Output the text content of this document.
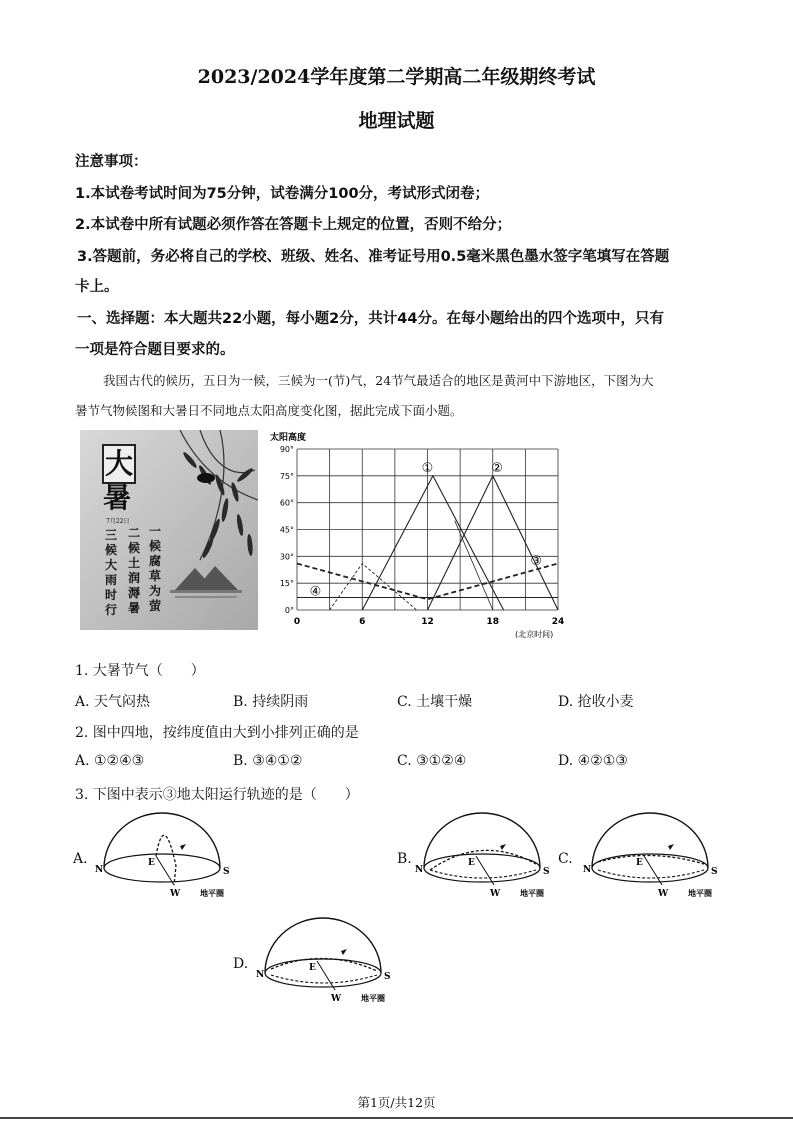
2023/2024学年度第二学期高二年级期终考试
地理试题
注意事项：
1.本试卷考试时间为75分钟，试卷满分100分，考试形式闭卷；
2.本试卷中所有试题必须作答在答题卡上规定的位置，否则不给分；
3.答题前，务必将自己的学校、班级、姓名、准考证号用0.5毫米黑色墨水签字笔填写在答题
卡上。
一、选择题：本大题共22小题，每小题2分，共计44分。在每小题给出的四个选项中，只有
一项是符合题目要求的。
我国古代的候历，五日为一候，三候为一(节)气，24节气最适合的地区是黄河中下游地区，下图为大
暑节气物候图和大暑日不同地点太阳高度变化图，据此完成下面小题。
大
暑
7月22日
三候大雨时行
二候土润溽暑
一候腐草为萤
①	②
③
④
0	6	12	18	24
0°
15°
30°
45°
60°
75°
90°
太阳高度
(北京时间)
1. 大暑节气（　　）
A. 天气闷热	B. 持续阴雨	C. 土壤干燥	D. 抢收小麦
2. 图中四地，按纬度值由大到小排列正确的是
A. ①②④③	B. ③④①②	C. ③①②④	D. ④②①③
3. 下图中表示③地太阳运行轨迹的是（　　）
A.	B.	C.
D.
E
W
N	S
地平圈
E
W
N	S
地平圈
E
W
N	S
地平圈
E
W
N	S
地平圈
第1页/共12页
